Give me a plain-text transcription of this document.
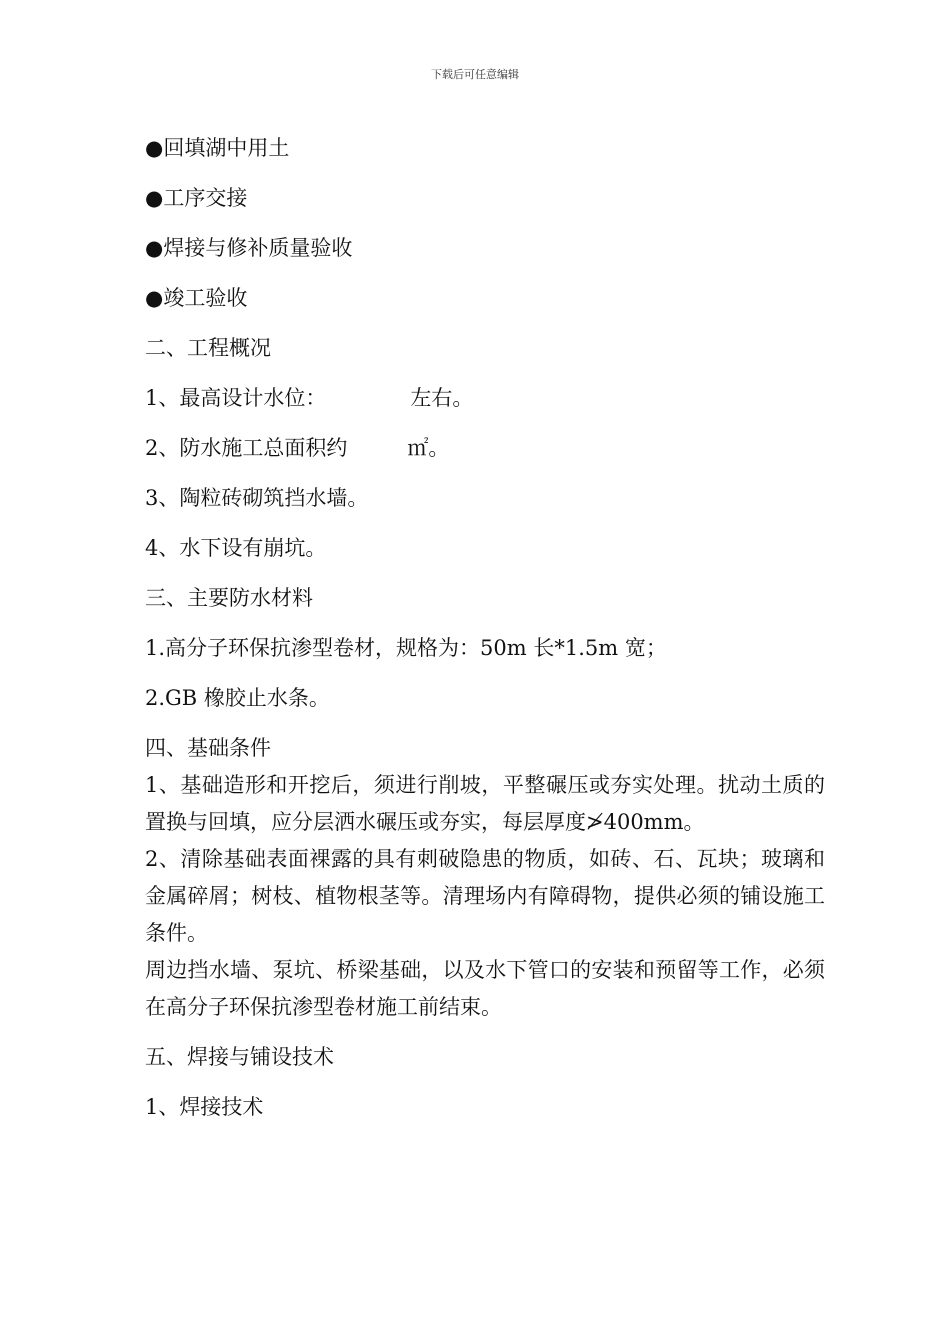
下载后可任意编辑

●回填湖中用土

●工序交接

●焊接与修补质量验收

●竣工验收

二、工程概况

1、最高设计水位：	左右。

2、防水施工总面积约	㎡。

3、陶粒砖砌筑挡水墙。

4、水下设有崩坑。

三、主要防水材料

1.高分子环保抗渗型卷材，规格为：50m 长*1.5m 宽；

2.GB 橡胶止水条。

四、基础条件

1、基础造形和开挖后，须进行削坡，平整碾压或夯实处理。扰动土质的置换与回填，应分层洒水碾压或夯实，每层厚度≯400mm。

2、清除基础表面裸露的具有刺破隐患的物质，如砖、石、瓦块；玻璃和金属碎屑；树枝、植物根茎等。清理场内有障碍物，提供必须的铺设施工条件。

周边挡水墙、泵坑、桥梁基础，以及水下管口的安装和预留等工作，必须在高分子环保抗渗型卷材施工前结束。

五、焊接与铺设技术

1、焊接技术
